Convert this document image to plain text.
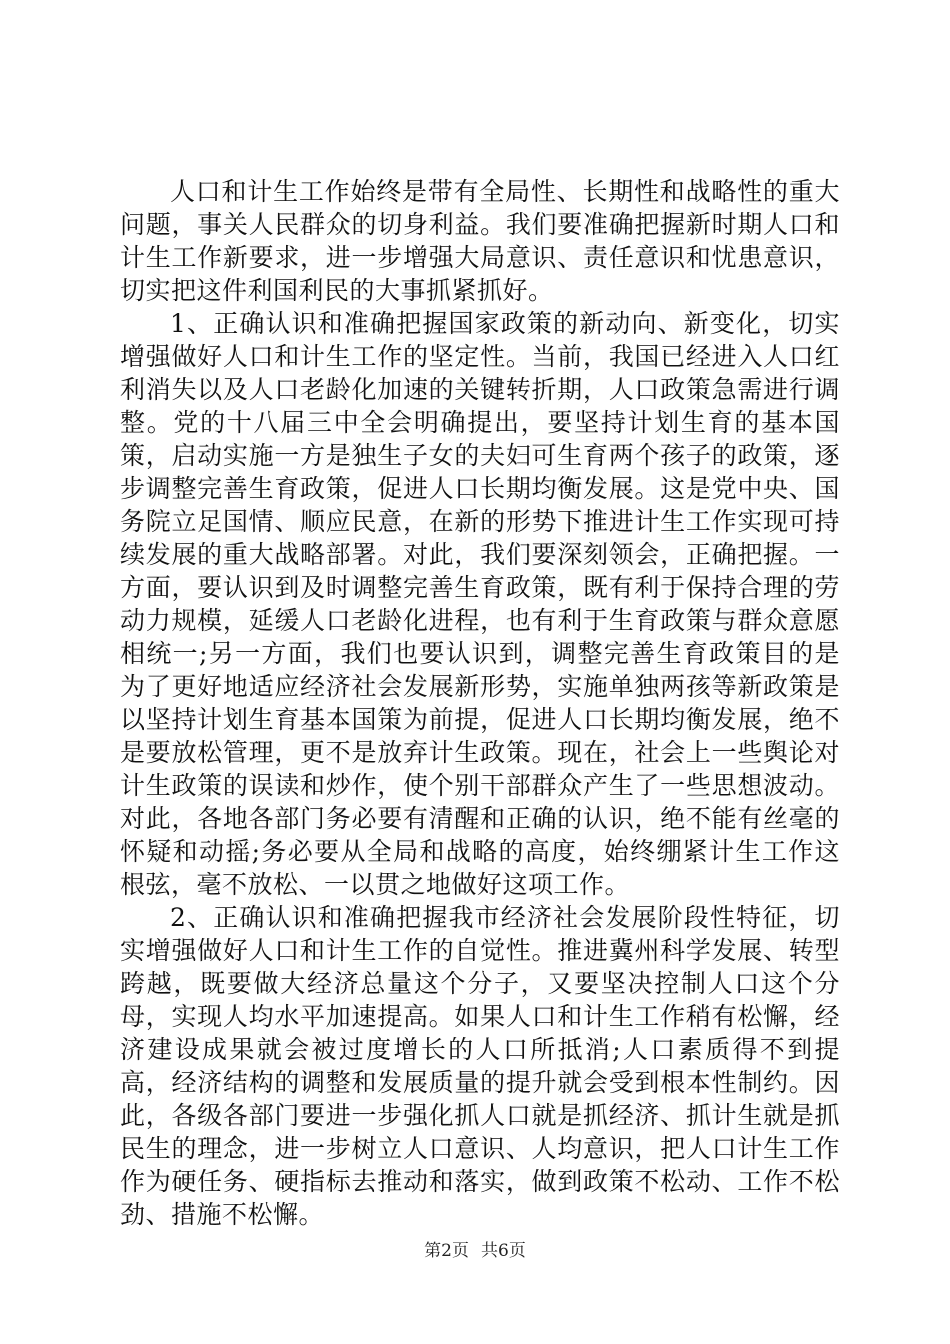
人口和计生工作始终是带有全局性、长期性和战略性的重大问题，事关人民群众的切身利益。我们要准确把握新时期人口和计生工作新要求，进一步增强大局意识、责任意识和忧患意识，切实把这件利国利民的大事抓紧抓好。

1、正确认识和准确把握国家政策的新动向、新变化，切实增强做好人口和计生工作的坚定性。当前，我国已经进入人口红利消失以及人口老龄化加速的关键转折期，人口政策急需进行调整。党的十八届三中全会明确提出，要坚持计划生育的基本国策，启动实施一方是独生子女的夫妇可生育两个孩子的政策，逐步调整完善生育政策，促进人口长期均衡发展。这是党中央、国务院立足国情、顺应民意，在新的形势下推进计生工作实现可持续发展的重大战略部署。对此，我们要深刻领会，正确把握。一方面，要认识到及时调整完善生育政策，既有利于保持合理的劳动力规模，延缓人口老龄化进程，也有利于生育政策与群众意愿相统一;另一方面，我们也要认识到，调整完善生育政策目的是为了更好地适应经济社会发展新形势，实施单独两孩等新政策是以坚持计划生育基本国策为前提，促进人口长期均衡发展，绝不是要放松管理，更不是放弃计生政策。现在，社会上一些舆论对计生政策的误读和炒作，使个别干部群众产生了一些思想波动。对此，各地各部门务必要有清醒和正确的认识，绝不能有丝毫的怀疑和动摇;务必要从全局和战略的高度，始终绷紧计生工作这根弦，毫不放松、一以贯之地做好这项工作。

2、正确认识和准确把握我市经济社会发展阶段性特征，切实增强做好人口和计生工作的自觉性。推进冀州科学发展、转型跨越，既要做大经济总量这个分子，又要坚决控制人口这个分母，实现人均水平加速提高。如果人口和计生工作稍有松懈，经济建设成果就会被过度增长的人口所抵消;人口素质得不到提高，经济结构的调整和发展质量的提升就会受到根本性制约。因此，各级各部门要进一步强化抓人口就是抓经济、抓计生就是抓民生的理念，进一步树立人口意识、人均意识，把人口计生工作作为硬任务、硬指标去推动和落实，做到政策不松动、工作不松劲、措施不松懈。

第2页 共6页
